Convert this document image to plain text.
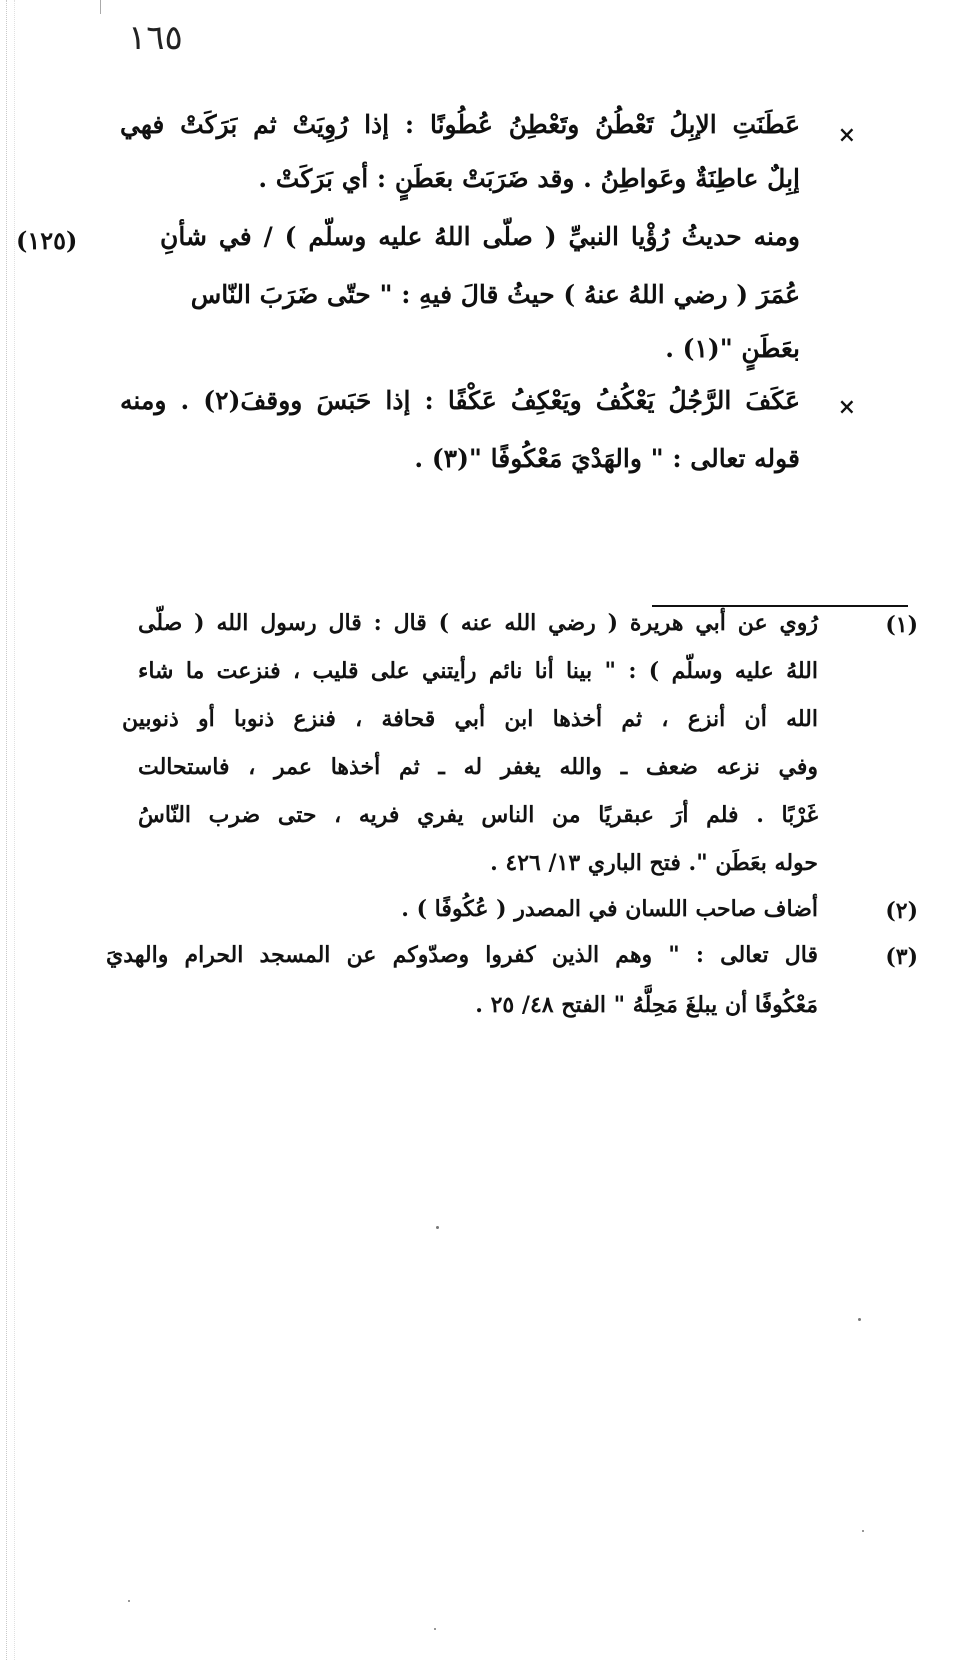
١٦٥
×
عَطَنَتِ الإبِلُ تَعْطُنُ وتَعْطِنُ عُطُونًا : إذا رُوِيَتْ ثم بَرَكَتْ فهي
إبِلٌ عاطِنَةٌ وعَواطِنُ . وقد ضَرَبَتْ بعَطَنٍ : أي بَرَكَتْ .
ومنه حديثُ رُؤْيا النبيِّ ( صلّى اللهُ عليه وسلّم ) / في شأنِ
(١٢٥)
عُمَرَ ( رضي اللهُ عنهُ ) حيثُ قالَ فيهِ : " حتّى ضَرَبَ النّاس
بعَطَنٍ "(١) .
×
عَكَفَ الرَّجُلُ يَعْكُفُ ويَعْكِفُ عَكْفًا : إذا حَبَسَ ووقفَ(٢) . ومنه
قوله تعالى : " والهَدْيَ مَعْكُوفًا "(٣) .
(١)
رُوي عن أبي هريرة ( رضي الله عنه ) قال : قال رسول الله ( صلّى
اللهُ عليه وسلّم ) : " بينا أنا نائم رأيتني على قليب ، فنزعت ما شاء
الله أن أنزع ، ثم أخذها ابن أبي قحافة ، فنزع ذنوبا أو ذنوبين
وفي نزعه ضعف ـ والله يغفر له ـ ثم أخذها عمر ، فاستحالت
غَرْبًا . فلم أرَ عبقريًا من الناس يفري فريه ، حتى ضرب النّاسُ
حوله بعَطَن ". فتح الباري ١٣/ ٤٢٦ .
(٢)
أضاف صاحب اللسان في المصدر ( عُكُوفًا ) .
(٣)
قال تعالى : " وهم الذين كفروا وصدّوكم عن المسجد الحرام والهديَ
مَعْكُوفًا أن يبلغَ مَحِلَّهُ " الفتح ٤٨/ ٢٥ .
